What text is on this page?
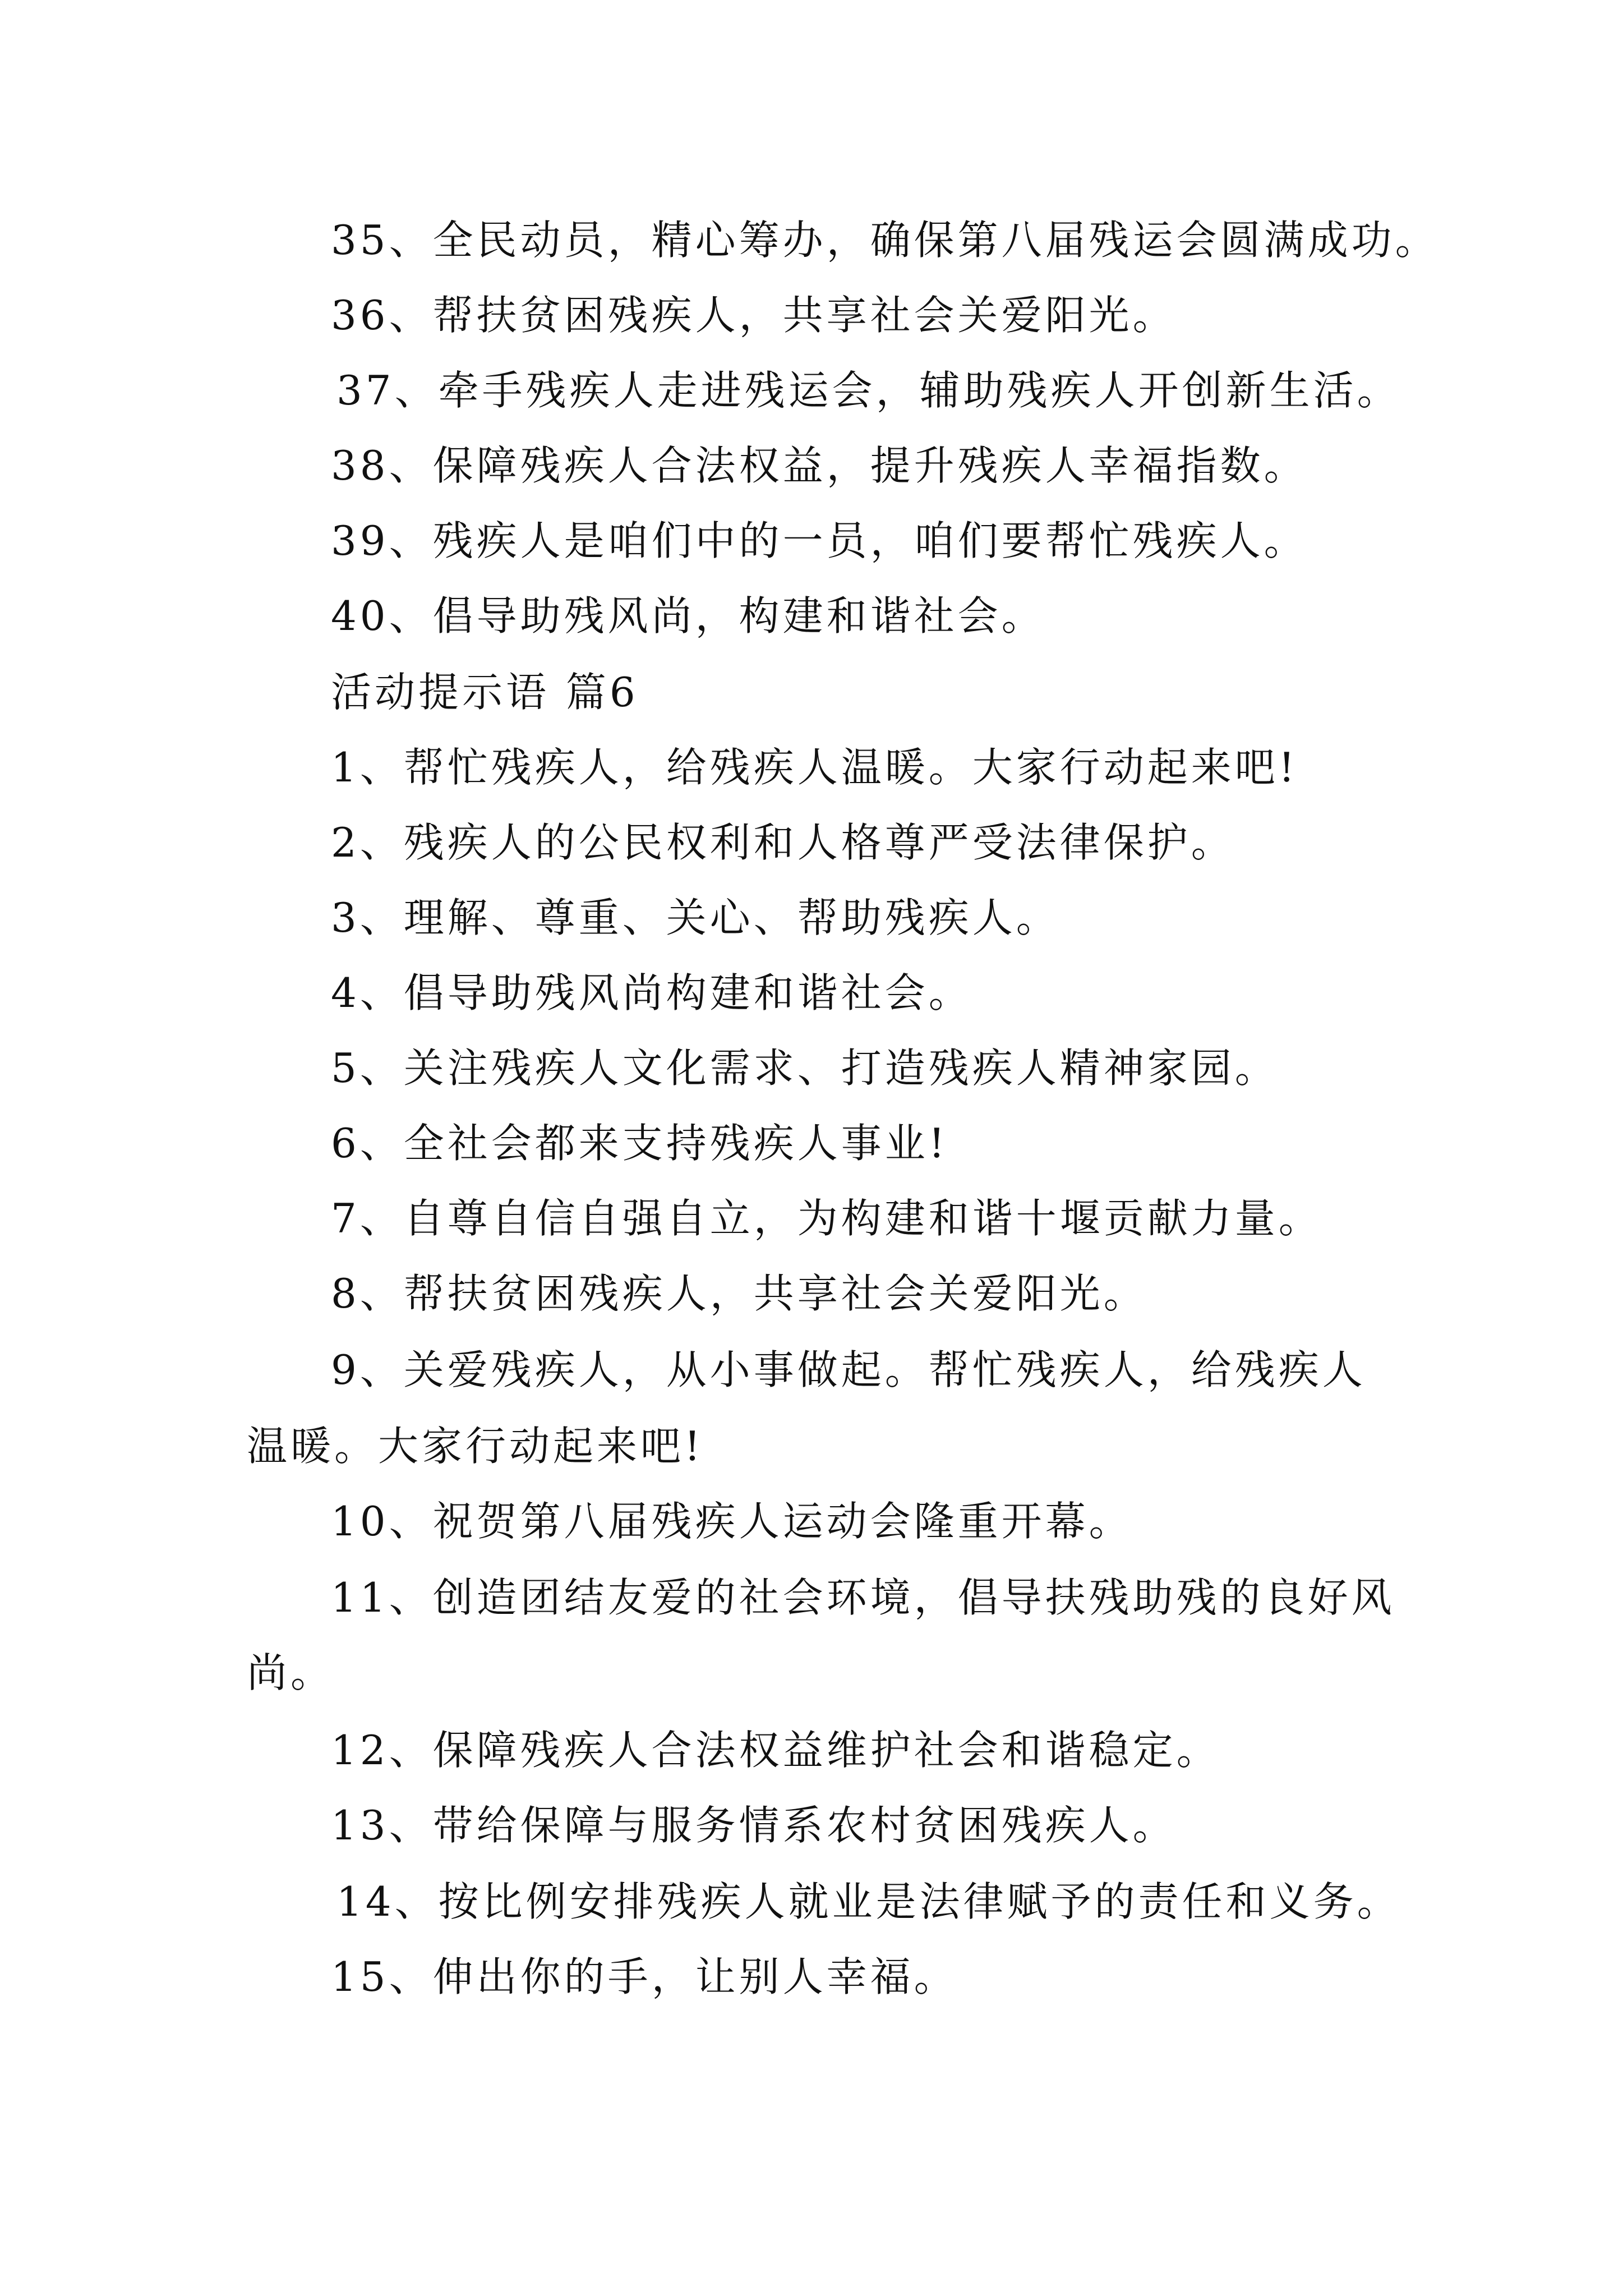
35、全民动员，精心筹办，确保第八届残运会圆满成功。
36、帮扶贫困残疾人，共享社会关爱阳光。
37、牵手残疾人走进残运会，辅助残疾人开创新生活。
38、保障残疾人合法权益，提升残疾人幸福指数。
39、残疾人是咱们中的一员，咱们要帮忙残疾人。
40、倡导助残风尚，构建和谐社会。
活动提示语 篇6
1、帮忙残疾人，给残疾人温暖。大家行动起来吧!
2、残疾人的公民权利和人格尊严受法律保护。
3、理解、尊重、关心、帮助残疾人。
4、倡导助残风尚构建和谐社会。
5、关注残疾人文化需求、打造残疾人精神家园。
6、全社会都来支持残疾人事业!
7、自尊自信自强自立，为构建和谐十堰贡献力量。
8、帮扶贫困残疾人，共享社会关爱阳光。
9、关爱残疾人，从小事做起。帮忙残疾人，给残疾人
温暖。大家行动起来吧!
10、祝贺第八届残疾人运动会隆重开幕。
11、创造团结友爱的社会环境，倡导扶残助残的良好风
尚。
12、保障残疾人合法权益维护社会和谐稳定。
13、带给保障与服务情系农村贫困残疾人。
14、按比例安排残疾人就业是法律赋予的责任和义务。
15、伸出你的手，让别人幸福。
